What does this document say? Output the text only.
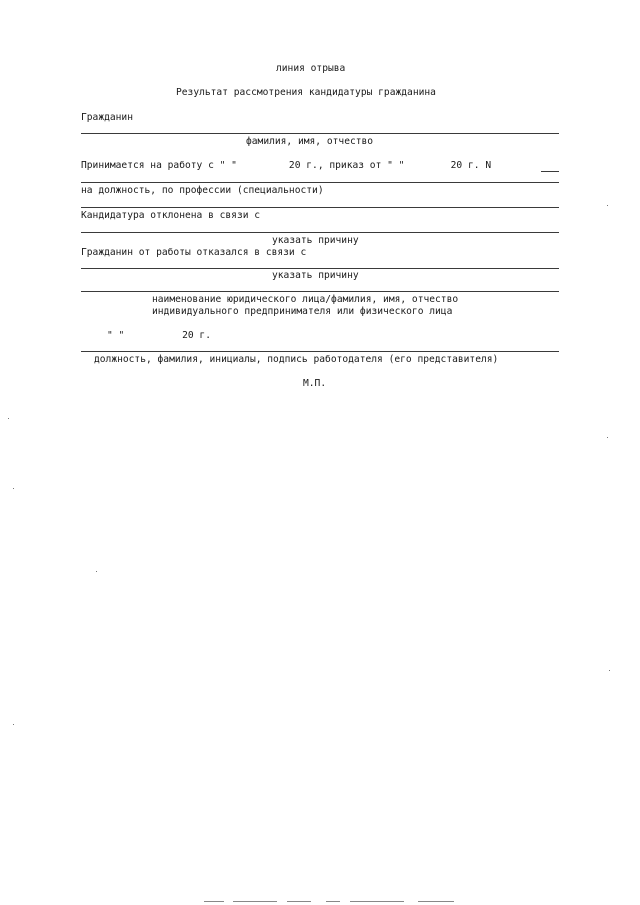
линия отрыва
Результат рассмотрения кандидатуры гражданина
Гражданин
фамилия, имя, отчество
Принимается на работу с " "         20 г., приказ от " "        20 г. N
на должность, по профессии (специальности)
Кандидатура отклонена в связи с
указать причину
Гражданин от работы отказался в связи с
указать причину
наименование юридического лица/фамилия, имя, отчество
индивидуального предпринимателя или физического лица
" "          20 г.
должность, фамилия, инициалы, подпись работодателя (его представителя)
М.П.
